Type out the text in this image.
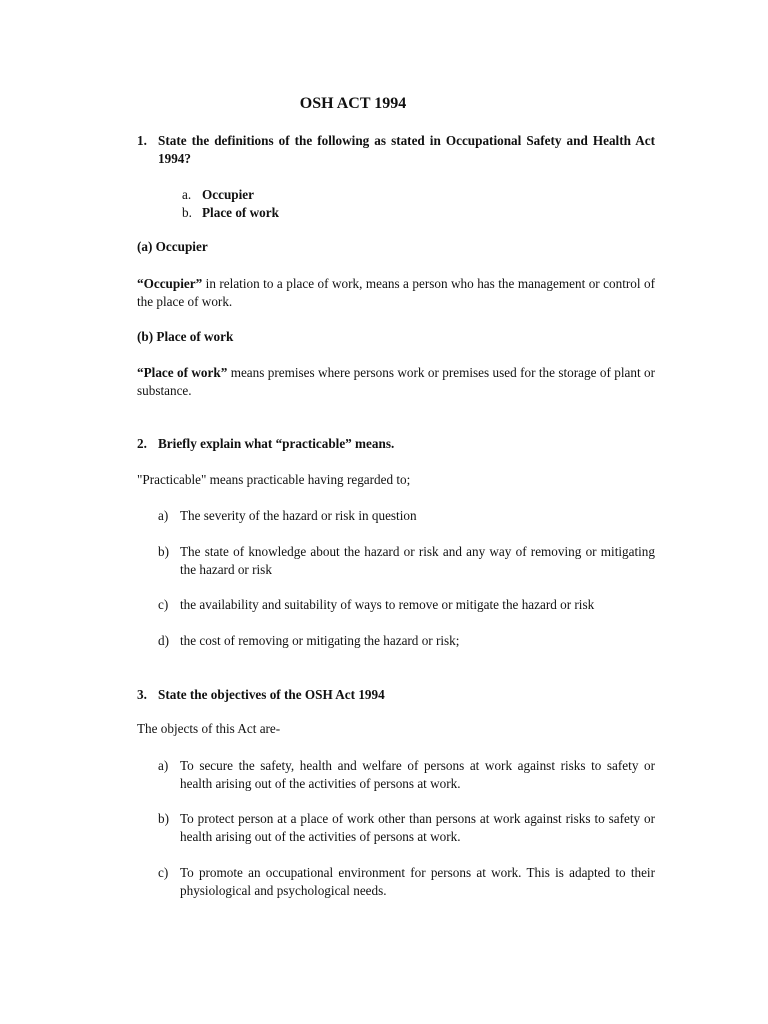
OSH ACT 1994
1. State the definitions of the following as stated in Occupational Safety and Health Act 1994?
a. Occupier
b. Place of work
(a) Occupier
“Occupier” in relation to a place of work, means a person who has the management or control of the place of work.
(b) Place of work
“Place of work” means premises where persons work or premises used for the storage of plant or substance.
2. Briefly explain what “practicable” means.
"Practicable" means practicable having regarded to;
a) The severity of the hazard or risk in question
b) The state of knowledge about the hazard or risk and any way of removing or mitigating the hazard or risk
c) the availability and suitability of ways to remove or mitigate the hazard or risk
d) the cost of removing or mitigating the hazard or risk;
3. State the objectives of the OSH Act 1994
The objects of this Act are-
a) To secure the safety, health and welfare of persons at work against risks to safety or health arising out of the activities of persons at work.
b) To protect person at a place of work other than persons at work against risks to safety or health arising out of the activities of persons at work.
c) To promote an occupational environment for persons at work. This is adapted to their physiological and psychological needs.
